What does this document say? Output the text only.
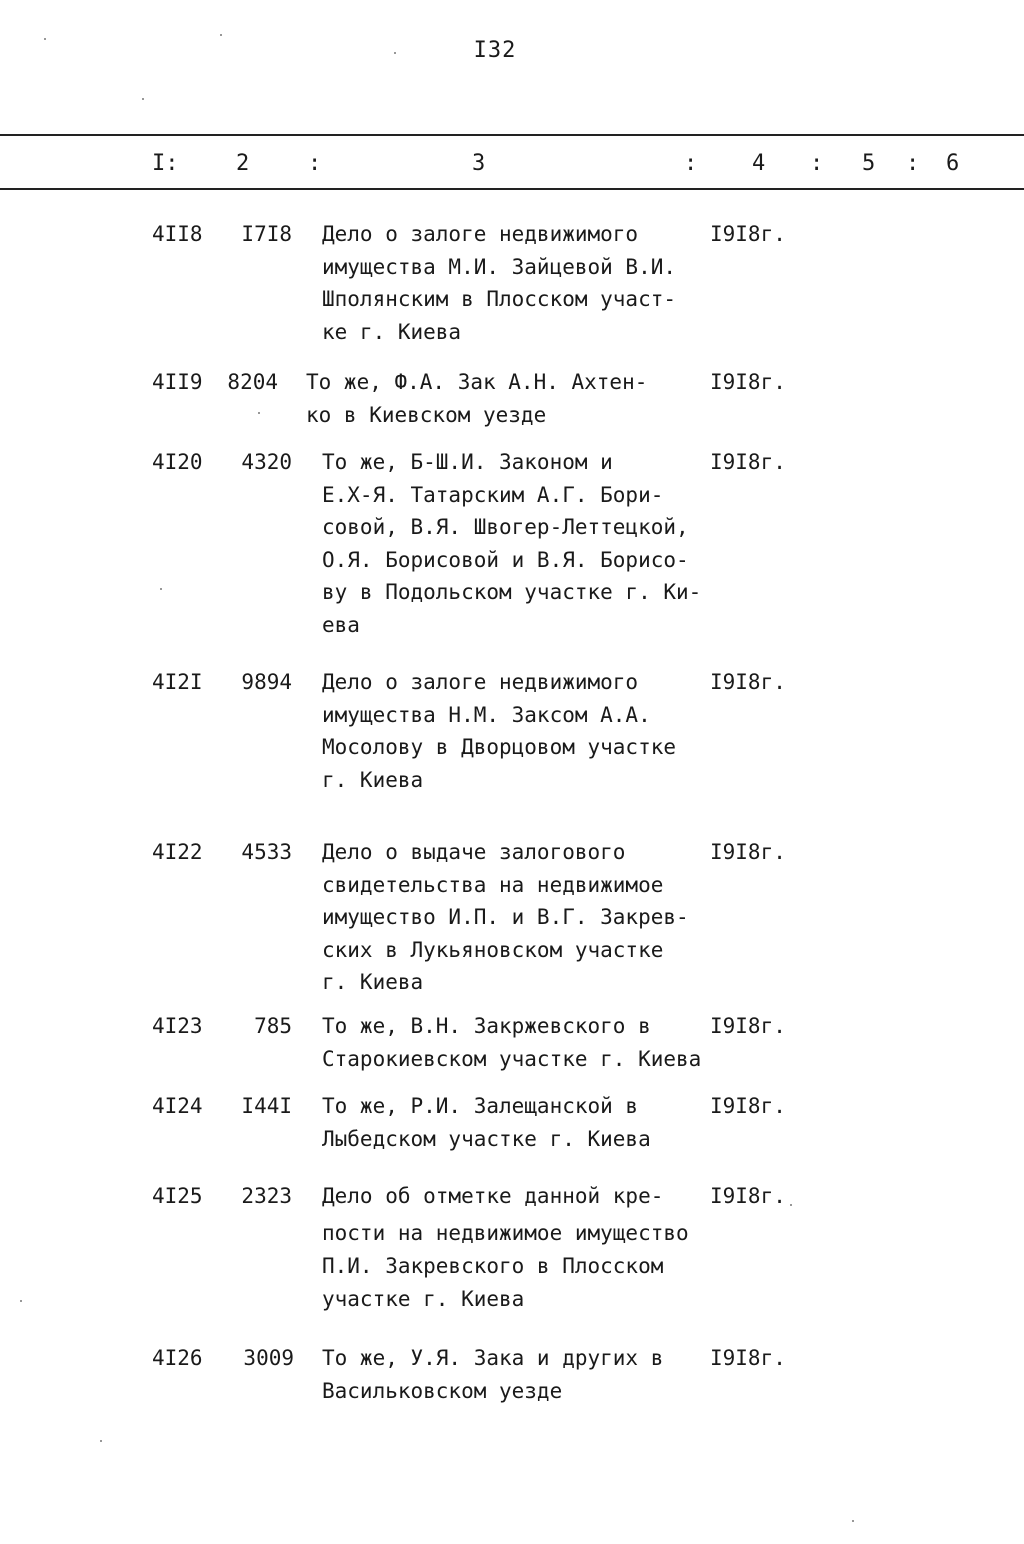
I32
I:	2	:	3	: 4 : 5 : 6
4II8	I7I8 Дело о залоге недвижимого
имущества М.И. Зайцевой В.И.
Шполянским в Плосском участ-
ке г. Киева
I9I8г.
4II9	8204 То же, Ф.А. Зак А.Н. Ахтен-
ко в Киевском уезде
I9I8г.
4I20	4320 То же, Б-Ш.И. Законом и
Е.Х-Я. Татарским А.Г. Бори-
совой, В.Я. Швогер-Леттецкой,
О.Я. Борисовой и В.Я. Борисо-
ву в Подольском участке г. Ки-
ева
I9I8г.
4I2I	9894 Дело о залоге недвижимого
имущества Н.М. Заксом А.А.
Мосолову в Дворцовом участке
г. Киева
I9I8г.
4I22	4533 Дело о выдаче залогового
свидетельства на недвижимое
имущество И.П. и В.Г. Закрев-
ских в Лукьяновском участке
г. Киева
I9I8г.
4I23	785 То же, В.Н. Закржевского в
Старокиевском участке г. Киева
I9I8г.
4I24	I44I То же, Р.И. Залещанской в
Лыбедском участке г. Киева
I9I8г.
4I25	2323 Дело об отметке данной кре-
пости на недвижимое имущество
П.И. Закревского в Плосском
участке г. Киева
I9I8г.
4I26	3009 То же, У.Я. Зака и других в
Васильковском уезде
I9I8г.
